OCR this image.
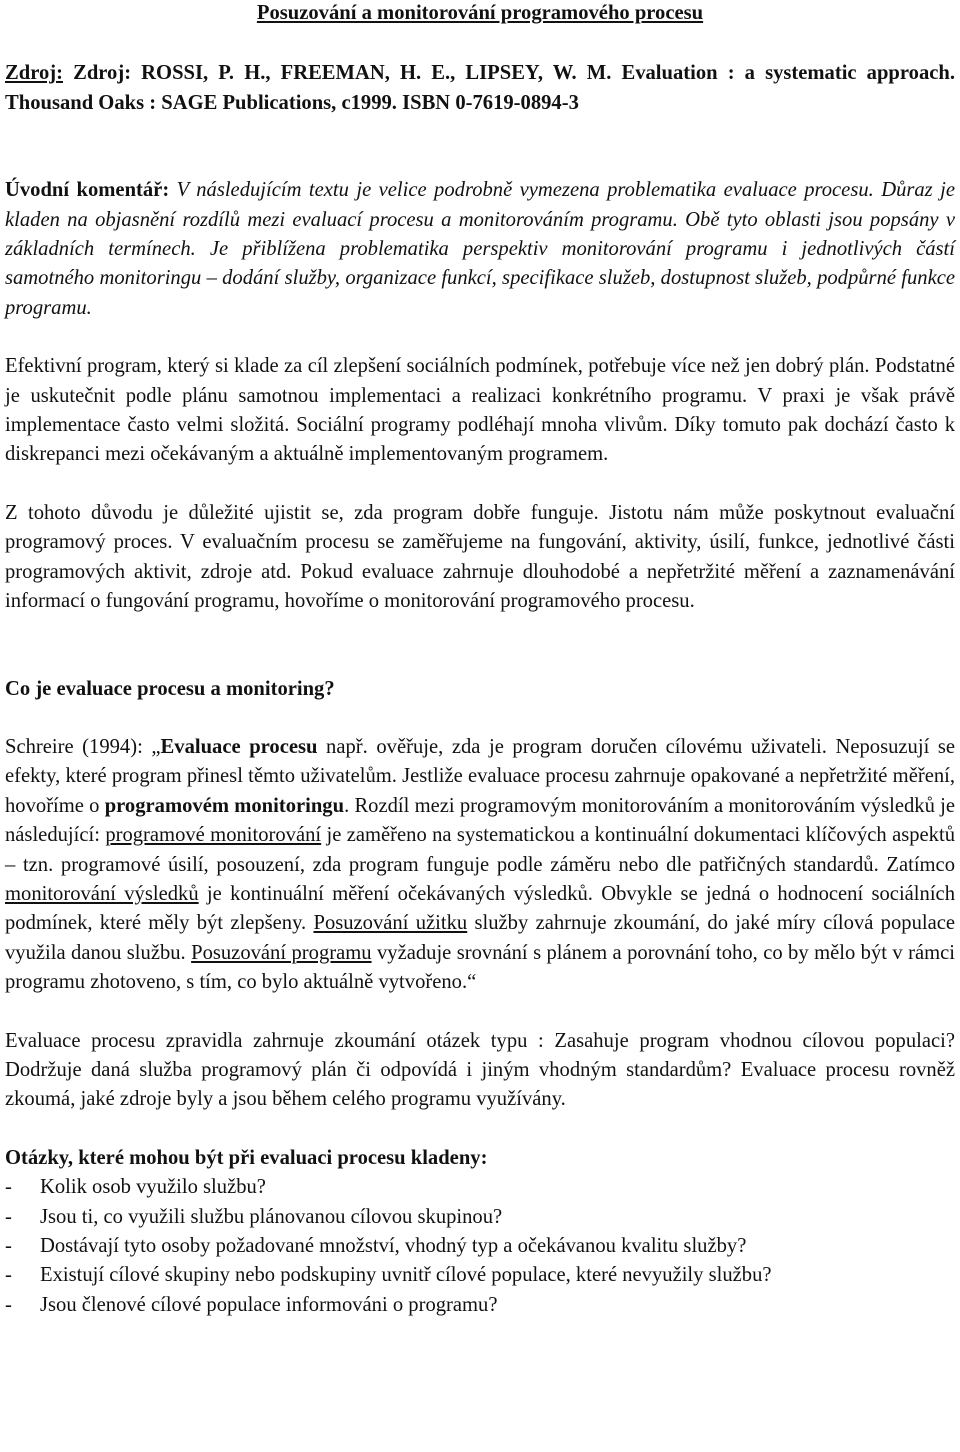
Posuzování a monitorování programového procesu
Zdroj: Zdroj: ROSSI, P. H., FREEMAN, H. E., LIPSEY, W. M. Evaluation : a systematic approach. Thousand Oaks : SAGE Publications, c1999. ISBN 0-7619-0894-3
Úvodní komentář: V následujícím textu je velice podrobně vymezena problematika evaluace procesu. Důraz je kladen na objasnění rozdílů mezi evaluací procesu a monitorováním programu. Obě tyto oblasti jsou popsány v základních termínech. Je přiblížena problematika perspektiv monitorování programu i jednotlivých částí samotného monitoringu – dodání služby, organizace funkcí, specifikace služeb, dostupnost služeb, podpůrné funkce programu.
Efektivní program, který si klade za cíl zlepšení sociálních podmínek, potřebuje více než jen dobrý plán. Podstatné je uskutečnit podle plánu samotnou implementaci a realizaci konkrétního programu. V praxi je však právě implementace často velmi složitá. Sociální programy podléhají mnoha vlivům. Díky tomuto pak dochází často k diskrepanci mezi očekávaným a aktuálně implementovaným programem.
Z tohoto důvodu je důležité ujistit se, zda program dobře funguje. Jistotu nám může poskytnout evaluační programový proces. V evaluačním procesu se zaměřujeme na fungování, aktivity, úsilí, funkce, jednotlivé části programových aktivit, zdroje atd. Pokud evaluace zahrnuje dlouhodobé a nepřetržité měření a zaznamenávání informací o fungování programu, hovoříme o monitorování programového procesu.
Co je evaluace procesu a monitoring?
Schreire (1994): „Evaluace procesu např. ověřuje, zda je program doručen cílovému uživateli. Neposuzují se efekty, které program přinesl těmto uživatelům. Jestliže evaluace procesu zahrnuje opakované a nepřetržité měření, hovoříme o programovém monitoringu. Rozdíl mezi programovým monitorováním a monitorováním výsledků je následující: programové monitorování je zaměřeno na systematickou a kontinuální dokumentaci klíčových aspektů – tzn. programové úsilí, posouzení, zda program funguje podle záměru nebo dle patřičných standardů. Zatímco monitorování výsledků je kontinuální měření očekávaných výsledků. Obvykle se jedná o hodnocení sociálních podmínek, které měly být zlepšeny. Posuzování užitku služby zahrnuje zkoumání, do jaké míry cílová populace využila danou službu. Posuzování programu vyžaduje srovnání s plánem a porovnání toho, co by mělo být v rámci programu zhotoveno, s tím, co bylo aktuálně vytvořeno.“
Evaluace procesu zpravidla zahrnuje zkoumání otázek typu : Zasahuje program vhodnou cílovou populaci? Dodržuje daná služba programový plán či odpovídá i jiným vhodným standardům? Evaluace procesu rovněž zkoumá, jaké zdroje byly a jsou během celého programu využívány.
Otázky, které mohou být při evaluaci procesu kladeny:
-	Kolik osob využilo službu?
-	Jsou ti, co využili službu plánovanou cílovou skupinou?
-	Dostávají tyto osoby požadované množství, vhodný typ a očekávanou kvalitu služby?
-	Existují cílové skupiny nebo podskupiny uvnitř cílové populace, které nevyužily službu?
-	Jsou členové cílové populace informováni o programu?
